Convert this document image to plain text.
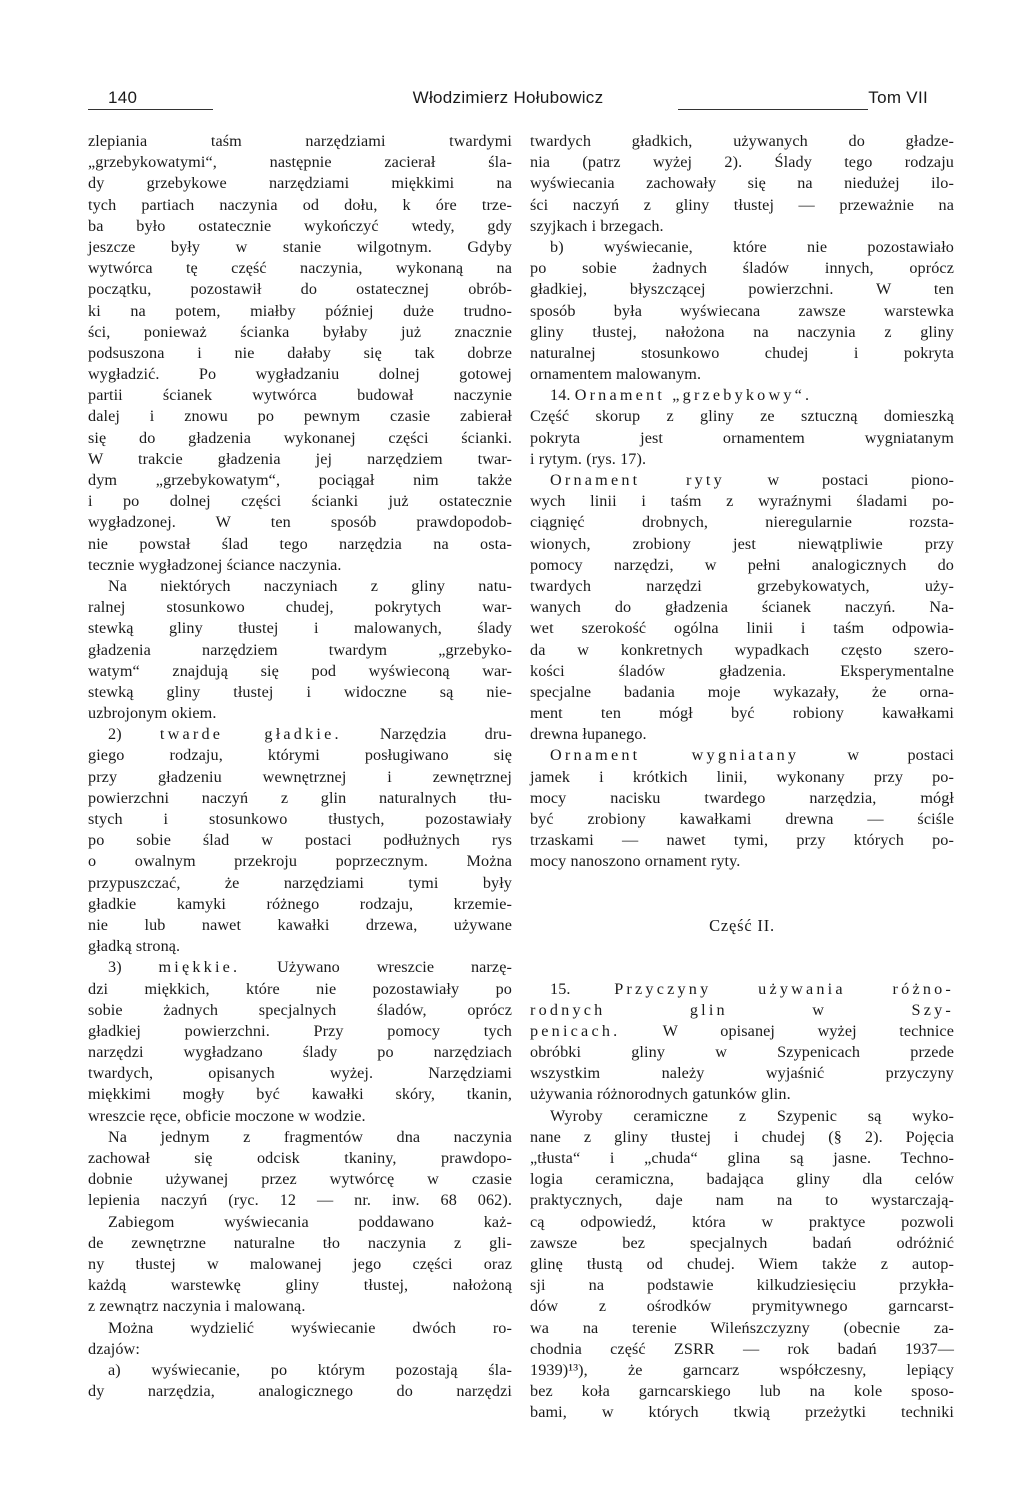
140	Włodzimierz Hołubowicz	Tom VII
zlepiania taśm narzędziami twardymi
„grzebykowatymi“, następnie zacierał śla-
dy grzebykowe narzędziami miękkimi na
tych partiach naczynia od dołu, k óre trze-
ba było ostatecznie wykończyć wtedy, gdy
jeszcze były w stanie wilgotnym. Gdyby
wytwórca tę część naczynia, wykonaną na
początku, pozostawił do ostatecznej obrób-
ki na potem, miałby później duże trudno-
ści, ponieważ ścianka byłaby już znacznie
podsuszona i nie dałaby się tak dobrze
wygładzić. Po wygładzaniu dolnej gotowej
partii ścianek wytwórca budował naczynie
dalej i znowu po pewnym czasie zabierał
się do gładzenia wykonanej części ścianki.
W trakcie gładzenia jej narzędziem twar-
dym „grzebykowatym“, pociągał nim także
i po dolnej części ścianki już ostatecznie
wygładzonej. W ten sposób prawdopodob-
nie powstał ślad tego narzędzia na osta-
tecznie wygładzonej ściance naczynia.
Na niektórych naczyniach z gliny natu-
ralnej stosunkowo chudej, pokrytych war-
stewką gliny tłustej i malowanych, ślady
gładzenia narzędziem twardym „grzebyko-
watym“ znajdują się pod wyświeconą war-
stewką gliny tłustej i widoczne są nie-
uzbrojonym okiem.
2) twarde gładkie. Narzędzia dru-
giego rodzaju, którymi posługiwano się
przy gładzeniu wewnętrznej i zewnętrznej
powierzchni naczyń z glin naturalnych tłu-
stych i stosunkowo tłustych, pozostawiały
po sobie ślad w postaci podłużnych rys
o owalnym przekroju poprzecznym. Można
przypuszczać, że narzędziami tymi były
gładkie kamyki różnego rodzaju, krzemie-
nie lub nawet kawałki drzewa, używane
gładką stroną.
3) miękkie. Używano wreszcie narzę-
dzi miękkich, które nie pozostawiały po
sobie żadnych specjalnych śladów, oprócz
gładkiej powierzchni. Przy pomocy tych
narzędzi wygładzano ślady po narzędziach
twardych, opisanych wyżej. Narzędziami
miękkimi mogły być kawałki skóry, tkanin,
wreszcie ręce, obficie moczone w wodzie.
Na jednym z fragmentów dna naczynia
zachował się odcisk tkaniny, prawdopo-
dobnie używanej przez wytwórcę w czasie
lepienia naczyń (ryc. 12 — nr. inw. 68 062).
Zabiegom wyświecania poddawano każ-
de zewnętrzne naturalne tło naczynia z gli-
ny tłustej w malowanej jego części oraz
każdą warstewkę gliny tłustej, nałożoną
z zewnątrz naczynia i malowaną.
Można wydzielić wyświecanie dwóch ro-
dzajów:
a) wyświecanie, po którym pozostają śla-
dy narzędzia, analogicznego do narzędzi
twardych gładkich, używanych do gładze-
nia (patrz wyżej 2). Ślady tego rodzaju
wyświecania zachowały się na niedużej ilo-
ści naczyń z gliny tłustej — przeważnie na
szyjkach i brzegach.
b) wyświecanie, które nie pozostawiało
po sobie żadnych śladów innych, oprócz
gładkiej, błyszczącej powierzchni. W ten
sposób była wyświecana zawsze warstewka
gliny tłustej, nałożona na naczynia z gliny
naturalnej stosunkowo chudej i pokryta
ornamentem malowanym.
14. Ornament „grzebykowy“.
Część skorup z gliny ze sztuczną domieszką
pokryta jest ornamentem wygniatanym
i rytym. (rys. 17).
Ornament ryty w postaci piono-
wych linii i taśm z wyraźnymi śladami po-
ciągnięć drobnych, nieregularnie rozsta-
wionych, zrobiony jest niewątpliwie przy
pomocy narzędzi, w pełni analogicznych do
twardych narzędzi grzebykowatych, uży-
wanych do gładzenia ścianek naczyń. Na-
wet szerokość ogólna linii i taśm odpowia-
da w konkretnych wypadkach często szero-
kości śladów gładzenia. Eksperymentalne
specjalne badania moje wykazały, że orna-
ment ten mógł być robiony kawałkami
drewna łupanego.
Ornament wygniatany w postaci
jamek i krótkich linii, wykonany przy po-
mocy nacisku twardego narzędzia, mógł
być zrobiony kawałkami drewna — ściśle
trzaskami — nawet tymi, przy których po-
mocy nanoszono ornament ryty.
Część II.
15. Przyczyny używania różno-
rodnych glin w Szy-
penicach. W opisanej wyżej technice
obróbki gliny w Szypenicach przede
wszystkim należy wyjaśnić przyczyny
używania różnorodnych gatunków glin.
Wyroby ceramiczne z Szypenic są wyko-
nane z gliny tłustej i chudej (§ 2). Pojęcia
„tłusta“ i „chuda“ glina są jasne. Techno-
logia ceramiczna, badająca gliny dla celów
praktycznych, daje nam na to wystarczają-
cą odpowiedź, która w praktyce pozwoli
zawsze bez specjalnych badań odróżnić
glinę tłustą od chudej. Wiem także z autop-
sji na podstawie kilkudziesięciu przykła-
dów z ośrodków prymitywnego garncarst-
wa na terenie Wileńszczyzny (obecnie za-
chodnia część ZSRR — rok badań 1937—
1939)¹³), że garncarz współczesny, lepiący
bez koła garncarskiego lub na kole sposo-
bami, w których tkwią przeżytki techniki
